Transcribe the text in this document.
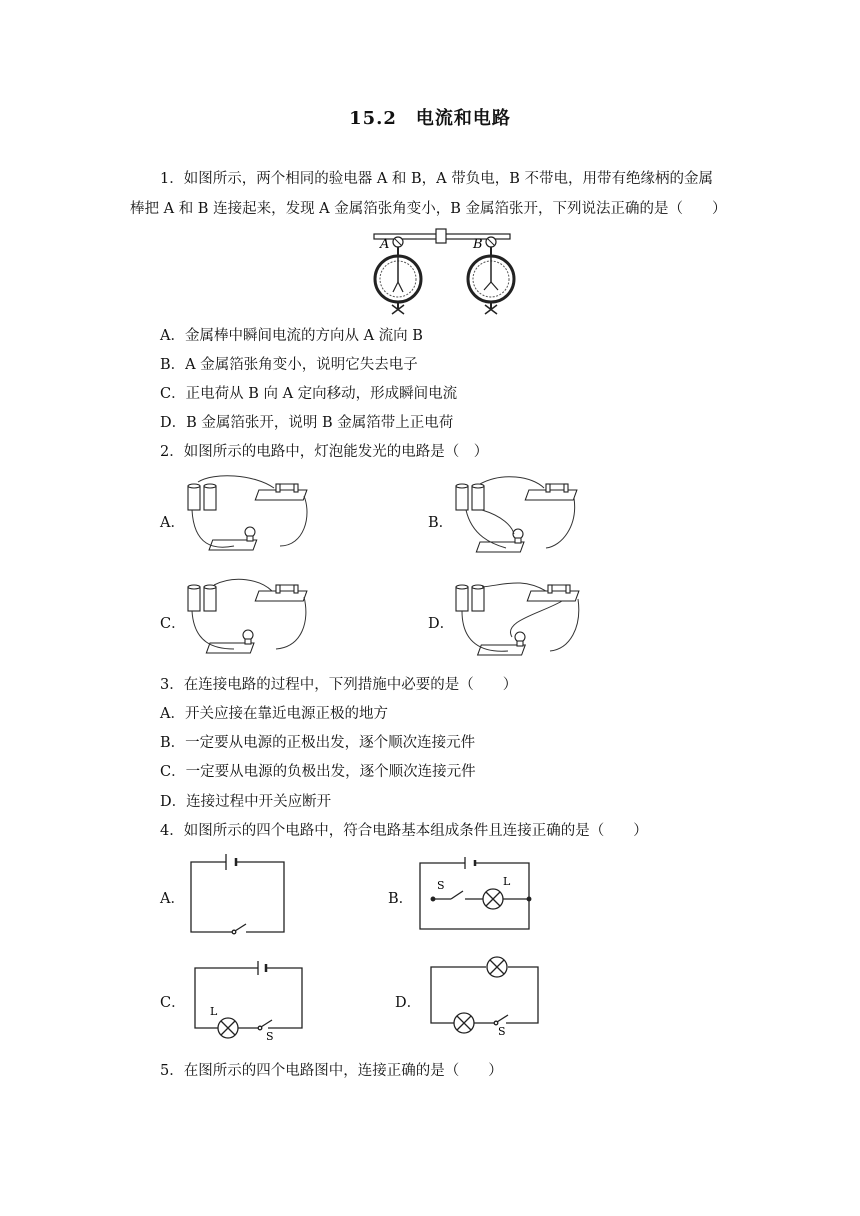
15.2　电流和电路
1．如图所示，两个相同的验电器 A 和 B，A 带负电，B 不带电，用带有绝缘柄的金属
棒把 A 和 B 连接起来，发现 A 金属箔张角变小，B 金属箔张开，下列说法正确的是（　　）
A	B
A．金属棒中瞬间电流的方向从 A 流向 B
B．A 金属箔张角变小，说明它失去电子
C．正电荷从 B 向 A 定向移动，形成瞬间电流
D．B 金属箔张开，说明 B 金属箔带上正电荷
2．如图所示的电路中，灯泡能发光的电路是（　）
A．	B．
C．	D．
3．在连接电路的过程中，下列措施中必要的是（　　）
A．开关应接在靠近电源正极的地方
B．一定要从电源的正极出发，逐个顺次连接元件
C．一定要从电源的负极出发，逐个顺次连接元件
D．连接过程中开关应断开
4．如图所示的四个电路中，符合电路基本组成条件且连接正确的是（　　）
A．	B．
C．	D．
S	L
L
S	S
5．在图所示的四个电路图中，连接正确的是（　　）
